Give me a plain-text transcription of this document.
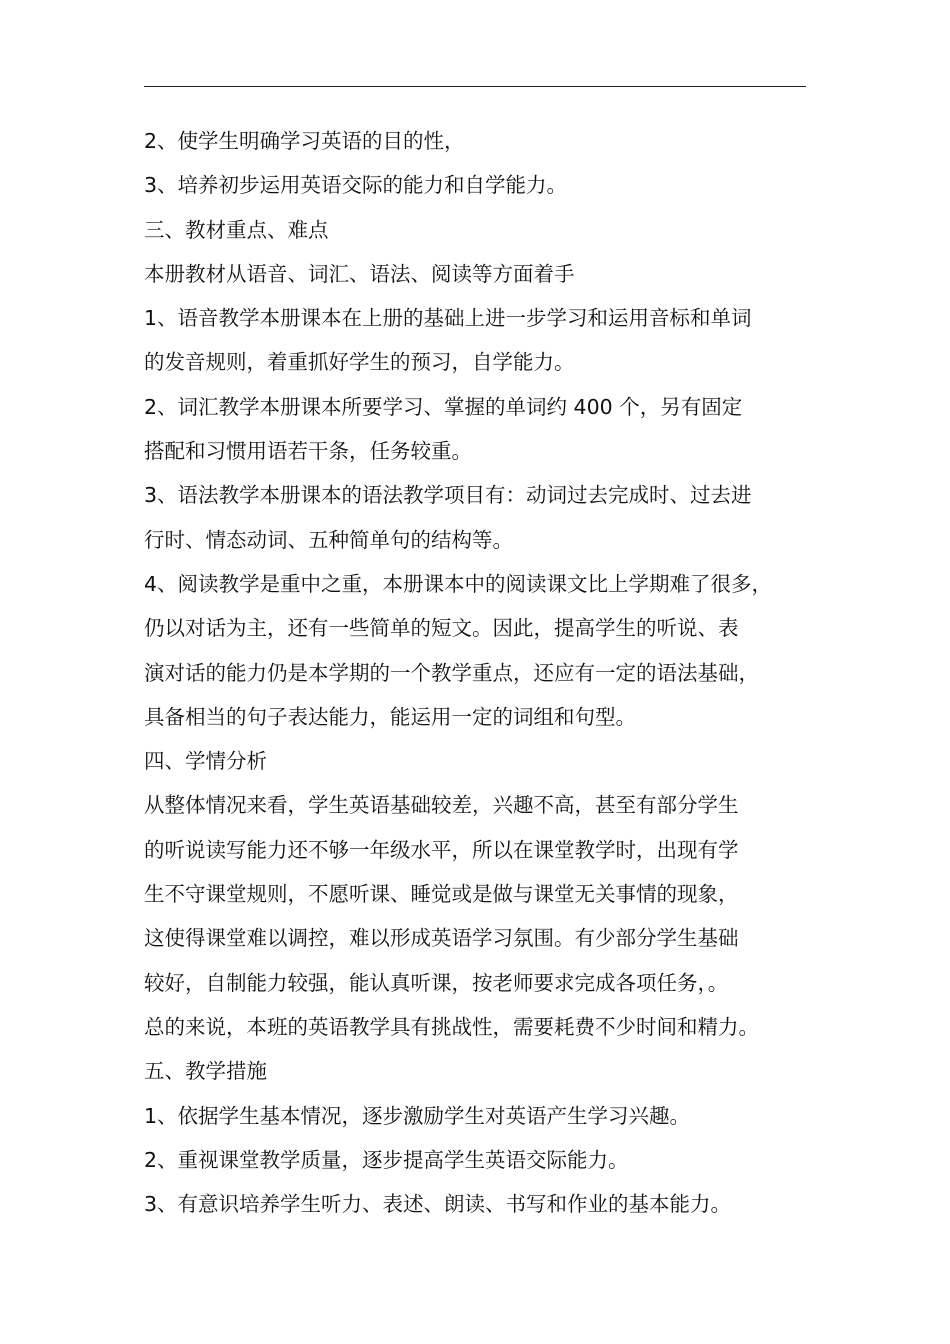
2、使学生明确学习英语的目的性，
3、培养初步运用英语交际的能力和自学能力。
三、教材重点、难点
本册教材从语音、词汇、语法、阅读等方面着手
1、语音教学本册课本在上册的基础上进一步学习和运用音标和单词
的发音规则，着重抓好学生的预习，自学能力。
2、词汇教学本册课本所要学习、掌握的单词约 400 个，另有固定
搭配和习惯用语若干条，任务较重。
3、语法教学本册课本的语法教学项目有：动词过去完成时、过去进
行时、情态动词、五种简单句的结构等。
4、阅读教学是重中之重，本册课本中的阅读课文比上学期难了很多，
仍以对话为主，还有一些简单的短文。因此，提高学生的听说、表
演对话的能力仍是本学期的一个教学重点，还应有一定的语法基础，
具备相当的句子表达能力，能运用一定的词组和句型。
四、学情分析
从整体情况来看，学生英语基础较差，兴趣不高，甚至有部分学生
的听说读写能力还不够一年级水平，所以在课堂教学时，出现有学
生不守课堂规则，不愿听课、睡觉或是做与课堂无关事情的现象，
这使得课堂难以调控，难以形成英语学习氛围。有少部分学生基础
较好，自制能力较强，能认真听课，按老师要求完成各项任务，。
总的来说，本班的英语教学具有挑战性，需要耗费不少时间和精力。
五、教学措施
1、依据学生基本情况，逐步激励学生对英语产生学习兴趣。
2、重视课堂教学质量，逐步提高学生英语交际能力。
3、有意识培养学生听力、表述、朗读、书写和作业的基本能力。
